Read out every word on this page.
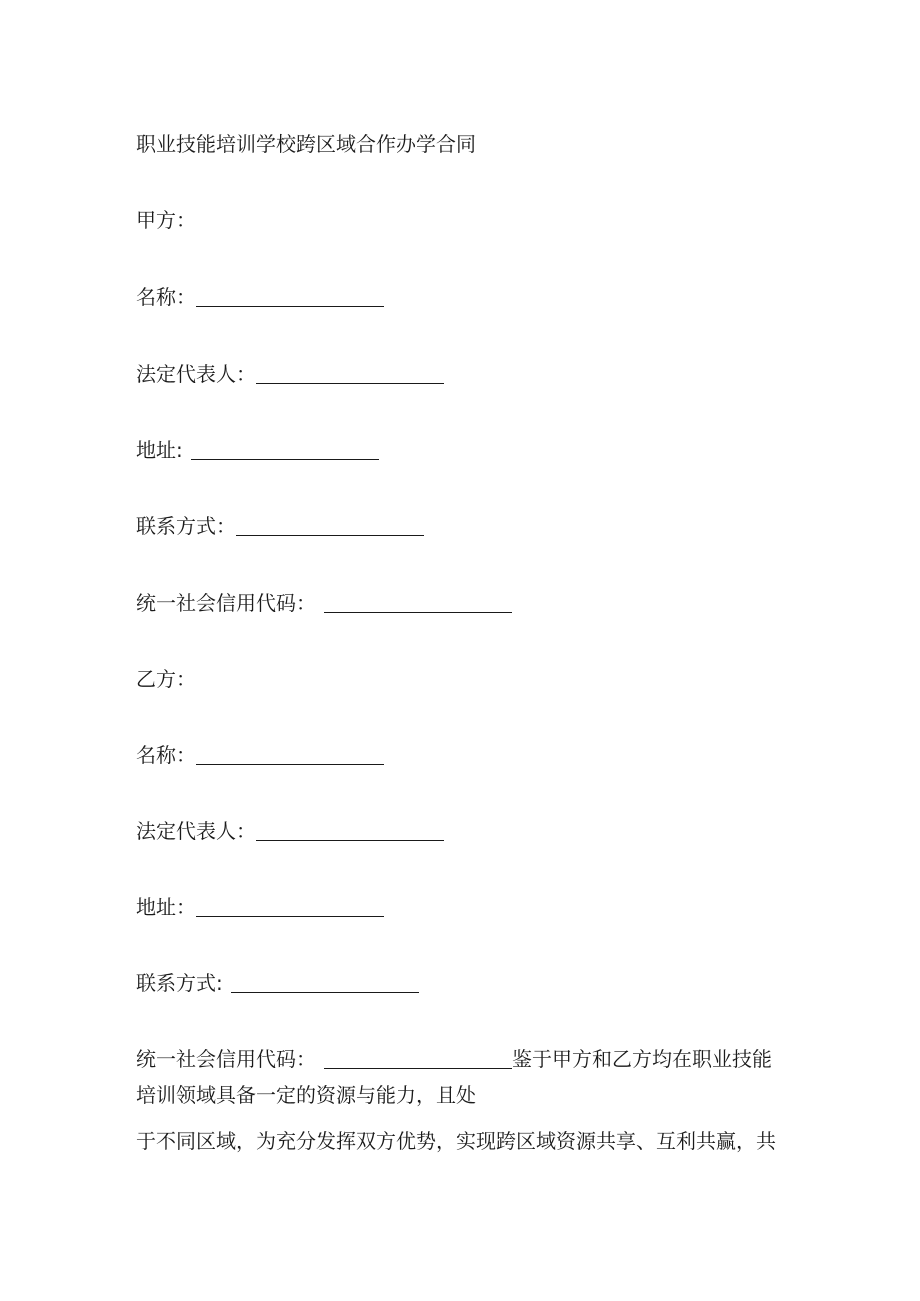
职业技能培训学校跨区域合作办学合同
甲方：
名称：
法定代表人：
地址:
联系方式：
统一社会信用代码：
乙方：
名称：
法定代表人：
地址：
联系方式:
统一社会信用代码：	鉴于甲方和乙方均在职业技能
培训领域具备一定的资源与能力，且处
于不同区域，为充分发挥双方优势，实现跨区域资源共享、互利共赢，共
